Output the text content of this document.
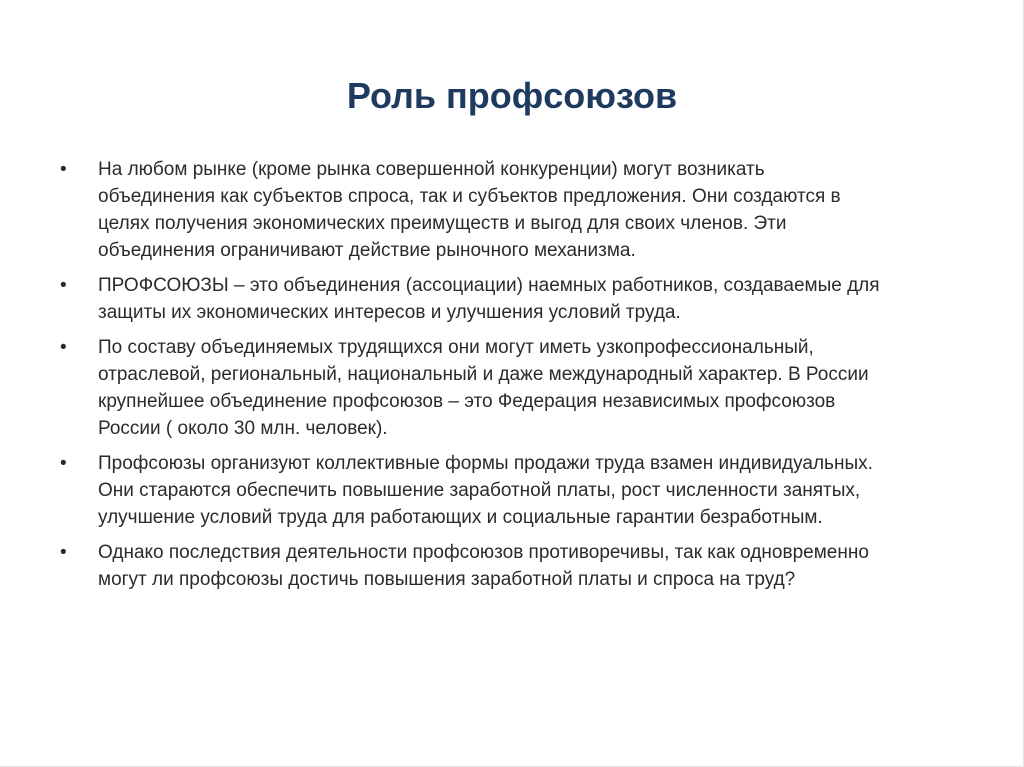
Роль профсоюзов
•	На любом рынке (кроме рынка совершенной конкуренции) могут возникать
объединения как субъектов спроса, так и субъектов предложения. Они создаются в
целях получения экономических преимуществ и выгод для своих членов. Эти
объединения ограничивают действие рыночного механизма.
•	ПРОФСОЮЗЫ – это объединения (ассоциации) наемных работников, создаваемые для
защиты их экономических интересов и улучшения условий труда.
•	По составу объединяемых трудящихся они могут иметь узкопрофессиональный,
отраслевой, региональный, национальный и даже международный характер. В России
крупнейшее объединение профсоюзов – это Федерация независимых профсоюзов
России ( около 30 млн. человек).
•	Профсоюзы организуют коллективные формы продажи труда взамен индивидуальных.
Они стараются обеспечить повышение заработной платы, рост численности занятых,
улучшение условий труда для работающих и социальные гарантии безработным.
•	Однако последствия деятельности профсоюзов противоречивы, так как одновременно
могут ли профсоюзы достичь повышения заработной платы и спроса на труд?
